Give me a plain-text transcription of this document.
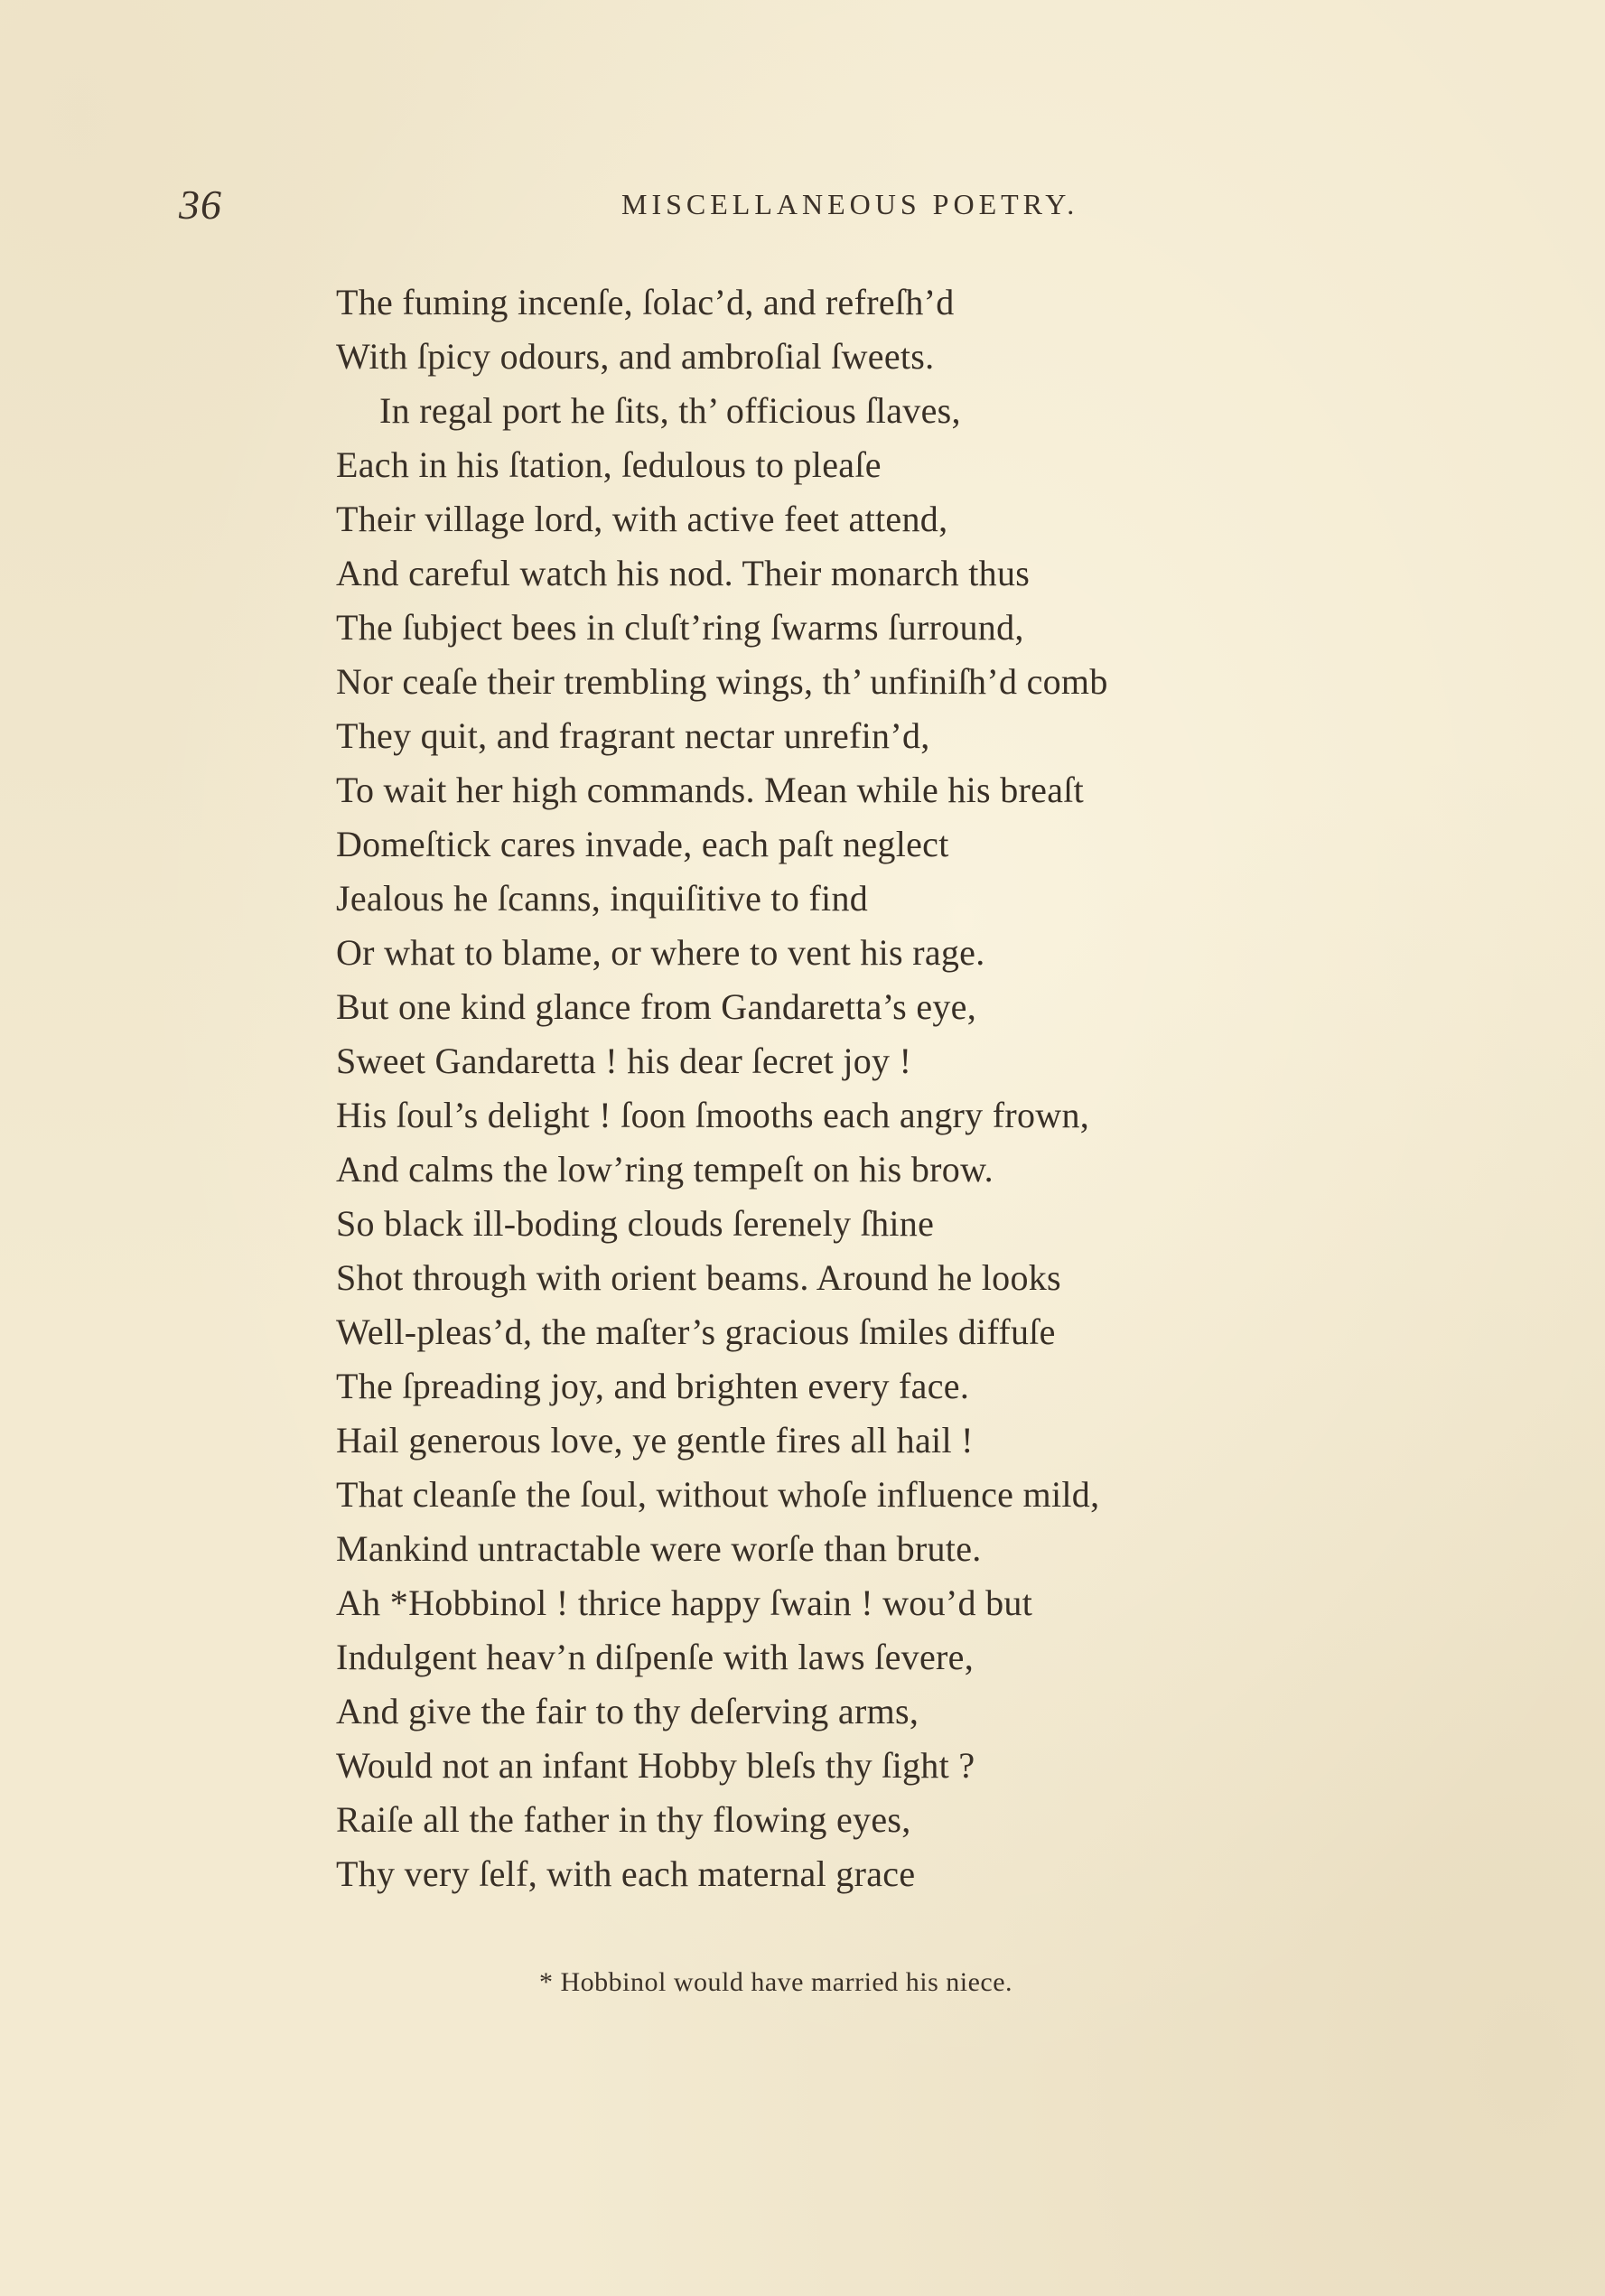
36	MISCELLANEOUS POETRY.
The fuming incenſe, ſolac’d, and refreſh’d
With ſpicy odours, and ambroſial ſweets.
In regal port he ſits, th’ officious ſlaves,
Each in his ſtation, ſedulous to pleaſe
Their village lord, with active feet attend,
And careful watch his nod. Their monarch thus
The ſubject bees in cluſt’ring ſwarms ſurround,
Nor ceaſe their trembling wings, th’ unfiniſh’d comb
They quit, and fragrant nectar unrefin’d,
To wait her high commands. Mean while his breaſt
Domeſtick cares invade, each paſt neglect
Jealous he ſcanns, inquiſitive to find
Or what to blame, or where to vent his rage.
But one kind glance from Gandaretta’s eye,
Sweet Gandaretta ! his dear ſecret joy !
His ſoul’s delight ! ſoon ſmooths each angry frown,
And calms the low’ring tempeſt on his brow.
So black ill-boding clouds ſerenely ſhine
Shot through with orient beams. Around he looks
Well-pleas’d, the maſter’s gracious ſmiles diffuſe
The ſpreading joy, and brighten every face.
Hail generous love, ye gentle fires all hail !
That cleanſe the ſoul, without whoſe influence mild,
Mankind untractable were worſe than brute.
Ah *Hobbinol ! thrice happy ſwain ! wou’d but
Indulgent heav’n diſpenſe with laws ſevere,
And give the fair to thy deſerving arms,
Would not an infant Hobby bleſs thy ſight ?
Raiſe all the father in thy flowing eyes,
Thy very ſelf, with each maternal grace
* Hobbinol would have married his niece.
